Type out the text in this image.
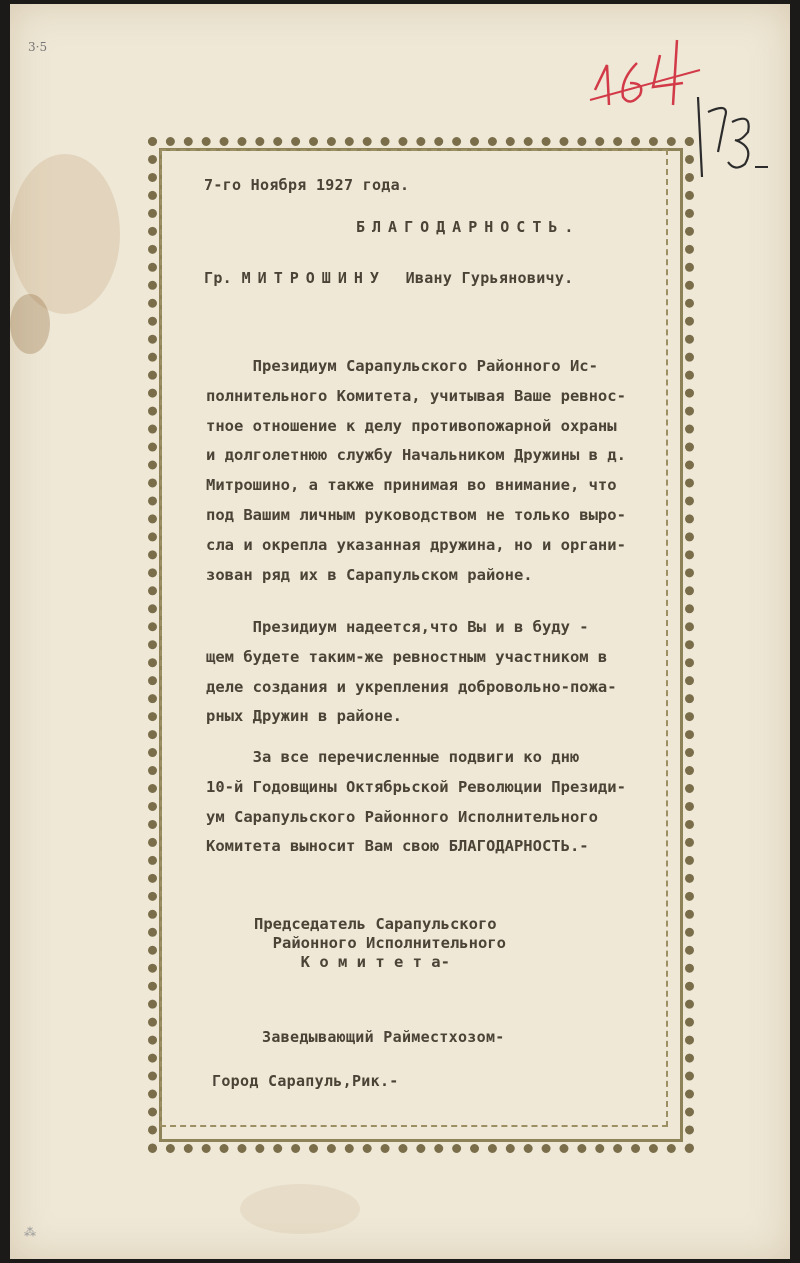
3·5
7-го Ноября 1927 года.
БЛАГОДАРНОСТЬ.
Гр. МИТРОШИНУ Ивану Гурьяновичу.
Президиум Сарапульского Районного Ис-
полнительного Комитета, учитывая Ваше ревнос-
тное отношение к делу противопожарной охраны
и долголетнюю службу Начальником Дружины в д.
Митрошино, а также принимая во внимание, что
под Вашим личным руководством не только выро-
сла и окрепла указанная дружина, но и органи-
зован ряд их в Сарапульском районе.
Президиум надеется,что Вы и в буду -
щем будете таким-же ревностным участником в
деле создания и укрепления добровольно-пожа-
рных Дружин в районе.
За все перечисленные подвиги ко дню
10-й Годовщины Октябрьской Революции Президи-
ум Сарапульского Районного Исполнительного
Комитета выносит Вам свою БЛАГОДАРНОСТЬ.-
Председатель Сарапульского
Районного Исполнительного
К о м и т е т а-
Заведывающий Райместхозом-
Город Сарапуль,Рик.-
⁂
